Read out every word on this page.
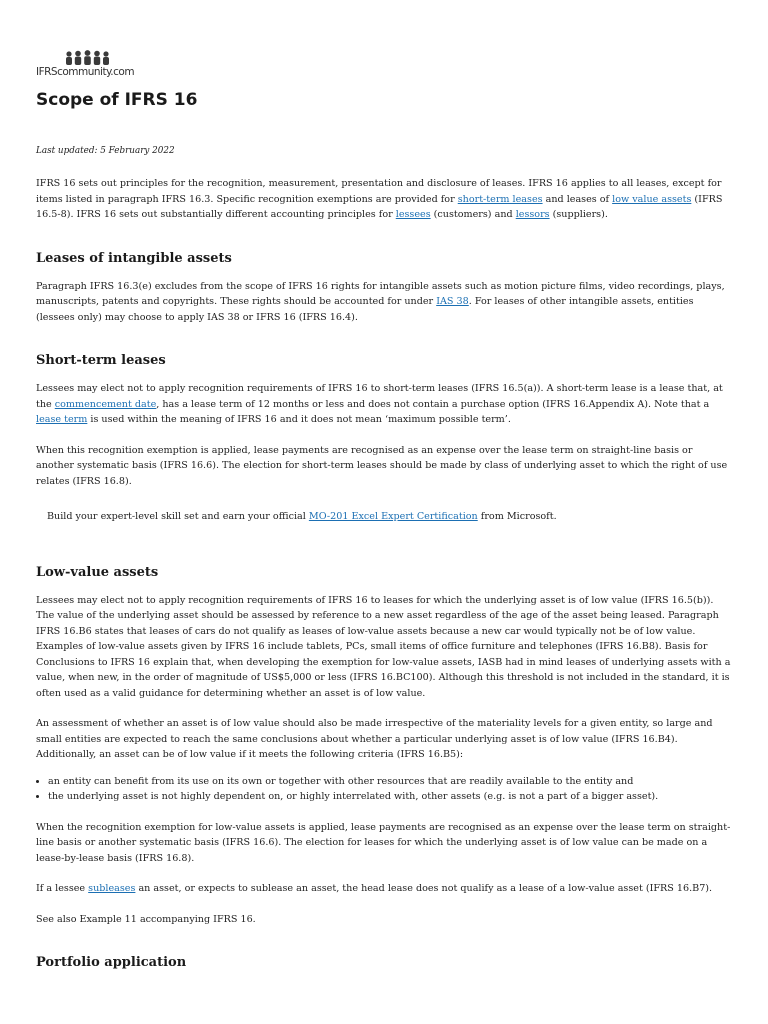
IFRScommunity.com
Scope of IFRS 16
Last updated: 5 February 2022

IFRS 16 sets out principles for the recognition, measurement, presentation and disclosure of leases. IFRS 16 applies to all leases, except for items listed in paragraph IFRS 16.3. Specific recognition exemptions are provided for short-term leases and leases of low value assets (IFRS 16.5-8). IFRS 16 sets out substantially different accounting principles for lessees (customers) and lessors (suppliers).

Leases of intangible assets

Paragraph IFRS 16.3(e) excludes from the scope of IFRS 16 rights for intangible assets such as motion picture films, video recordings, plays, manuscripts, patents and copyrights. These rights should be accounted for under IAS 38. For leases of other intangible assets, entities (lessees only) may choose to apply IAS 38 or IFRS 16 (IFRS 16.4).

Short-term leases

Lessees may elect not to apply recognition requirements of IFRS 16 to short-term leases (IFRS 16.5(a)). A short-term lease is a lease that, at the commencement date, has a lease term of 12 months or less and does not contain a purchase option (IFRS 16.Appendix A). Note that a lease term is used within the meaning of IFRS 16 and it does not mean ‘maximum possible term’.

When this recognition exemption is applied, lease payments are recognised as an expense over the lease term on straight-line basis or another systematic basis (IFRS 16.6). The election for short-term leases should be made by class of underlying asset to which the right of use relates (IFRS 16.8).

Build your expert-level skill set and earn your official MO-201 Excel Expert Certification from Microsoft.

Low-value assets

Lessees may elect not to apply recognition requirements of IFRS 16 to leases for which the underlying asset is of low value (IFRS 16.5(b)). The value of the underlying asset should be assessed by reference to a new asset regardless of the age of the asset being leased. Paragraph IFRS 16.B6 states that leases of cars do not qualify as leases of low-value assets because a new car would typically not be of low value. Examples of low-value assets given by IFRS 16 include tablets, PCs, small items of office furniture and telephones (IFRS 16.B8). Basis for Conclusions to IFRS 16 explain that, when developing the exemption for low-value assets, IASB had in mind leases of underlying assets with a value, when new, in the order of magnitude of US$5,000 or less (IFRS 16.BC100). Although this threshold is not included in the standard, it is often used as a valid guidance for determining whether an asset is of low value.

An assessment of whether an asset is of low value should also be made irrespective of the materiality levels for a given entity, so large and small entities are expected to reach the same conclusions about whether a particular underlying asset is of low value (IFRS 16.B4). Additionally, an asset can be of low value if it meets the following criteria (IFRS 16.B5):

• an entity can benefit from its use on its own or together with other resources that are readily available to the entity and
• the underlying asset is not highly dependent on, or highly interrelated with, other assets (e.g. is not a part of a bigger asset).

When the recognition exemption for low-value assets is applied, lease payments are recognised as an expense over the lease term on straight-line basis or another systematic basis (IFRS 16.6). The election for leases for which the underlying asset is of low value can be made on a lease-by-lease basis (IFRS 16.8).

If a lessee subleases an asset, or expects to sublease an asset, the head lease does not qualify as a lease of a low-value asset (IFRS 16.B7).

See also Example 11 accompanying IFRS 16.

Portfolio application
